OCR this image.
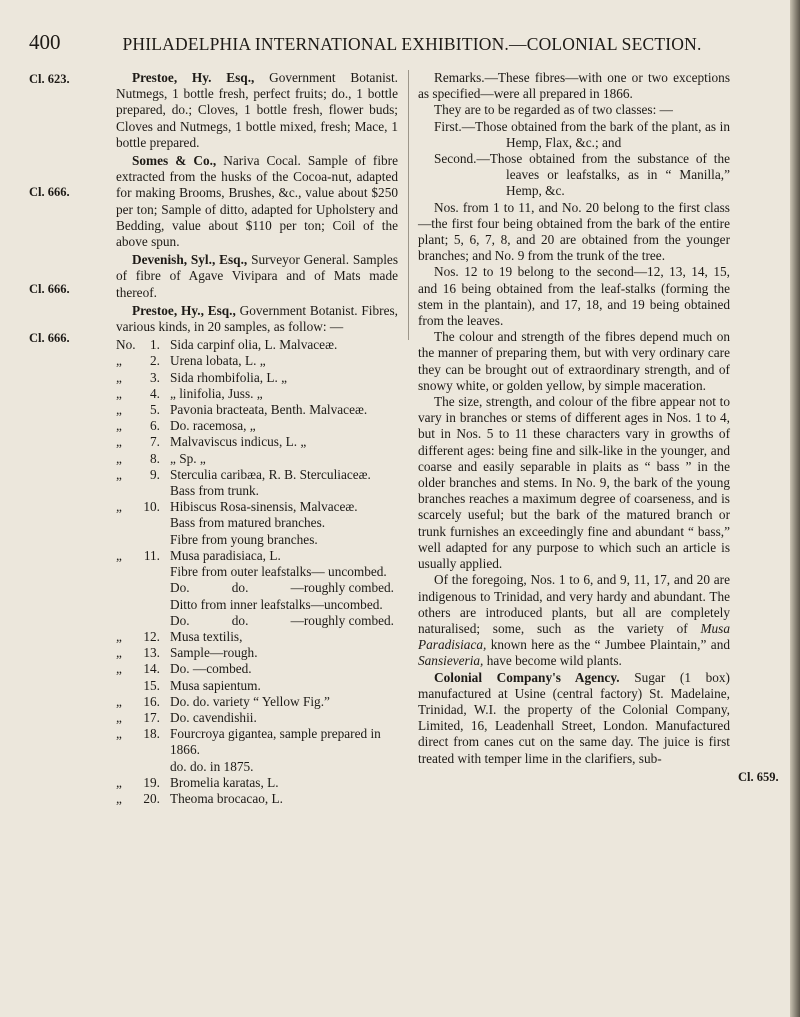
400	PHILADELPHIA INTERNATIONAL EXHIBITION.—COLONIAL SECTION.
Cl. 623.
Cl. 666.
Cl. 666.
Cl. 666.
Cl. 659.

Prestoe, Hy. Esq., Government Botanist. Nutmegs, 1 bottle fresh, perfect fruits; do., 1 bottle prepared, do.; Cloves, 1 bottle fresh, flower buds; Cloves and Nutmegs, 1 bottle mixed, fresh; Mace, 1 bottle prepared.

Somes & Co., Nariva Cocal. Sample of fibre extracted from the husks of the Cocoa-nut, adapted for making Brooms, Brushes, &c., value about $250 per ton; Sample of ditto, adapted for Upholstery and Bedding, value about $110 per ton; Coil of the above spun.

Devenish, Syl., Esq., Surveyor General. Samples of fibre of Agave Vivipara and of Mats made thereof.

Prestoe, Hy., Esq., Government Botanist. Fibres, various kinds, in 20 samples, as follow: —

No.	1. Sida carpinf olia, L. Malvaceæ.
„	2. Urena lobata, L. „
„	3. Sida rhombifolia, L. „
„	4. „ linifolia, Juss. „
„	5. Pavonia bracteata, Benth. Malvaceæ.
„	6. Do. racemosa, „
„	7. Malvaviscus indicus, L. „
„	8. „ Sp. „
„	9. Sterculia caribæa, R. B. Sterculiaceæ.

Bass from trunk.

„	10. Hibiscus Rosa-sinensis, Malvaceæ.

Bass from matured branches.

Fibre from young branches.

„	11. Musa paradisiaca, L.

Fibre from outer leafstalks— uncombed.

Do.	do.	—roughly combed.

Ditto from inner leafstalks—uncombed.

Do.	do.	—roughly combed.

„	12. Musa textilis,
„	13. Sample—rough.
„	14. Do. —combed.
15. Musa sapientum.
„	16. Do. do. variety “ Yellow Fig.”
„	17. Do. cavendishii.
„	18. Fourcroya gigantea, sample prepared in 1866.

do. do. in 1875.

„	19. Bromelia karatas, L.
„	20. Theoma brocacao, L.

Remarks.—These fibres—with one or two exceptions as specified—were all prepared in 1866.

They are to be regarded as of two classes: —

First.—Those obtained from the bark of the plant, as in Hemp, Flax, &c.; and

Second.—Those obtained from the substance of the leaves or leafstalks, as in “ Manilla,” Hemp, &c.

Nos. from 1 to 11, and No. 20 belong to the first class—the first four being obtained from the bark of the entire plant; 5, 6, 7, 8, and 20 are obtained from the younger branches; and No. 9 from the trunk of the tree.

Nos. 12 to 19 belong to the second—12, 13, 14, 15, and 16 being obtained from the leaf-stalks (forming the stem in the plantain), and 17, 18, and 19 being obtained from the leaves.

The colour and strength of the fibres depend much on the manner of preparing them, but with very ordinary care they can be brought out of extraordinary strength, and of snowy white, or golden yellow, by simple maceration.

The size, strength, and colour of the fibre appear not to vary in branches or stems of different ages in Nos. 1 to 4, but in Nos. 5 to 11 these characters vary in growths of different ages: being fine and silk-like in the younger, and coarse and easily separable in plaits as “ bass ” in the older branches and stems. In No. 9, the bark of the young branches reaches a maximum degree of coarseness, and is scarcely useful; but the bark of the matured branch or trunk furnishes an exceedingly fine and abundant “ bass,” well adapted for any purpose to which such an article is usually applied.

Of the foregoing, Nos. 1 to 6, and 9, 11, 17, and 20 are indigenous to Trinidad, and very hardy and abundant. The others are introduced plants, but all are completely naturalised; some, such as the variety of Musa Paradisiaca, known here as the “ Jumbee Plaintain,” and Sansieveria, have become wild plants.

Colonial Company's Agency. Sugar (1 box) manufactured at Usine (central factory) St. Madelaine, Trinidad, W.I. the property of the Colonial Company, Limited, 16, Leadenhall Street, London. Manufactured direct from canes cut on the same day. The juice is first treated with temper lime in the clarifiers, sub-
